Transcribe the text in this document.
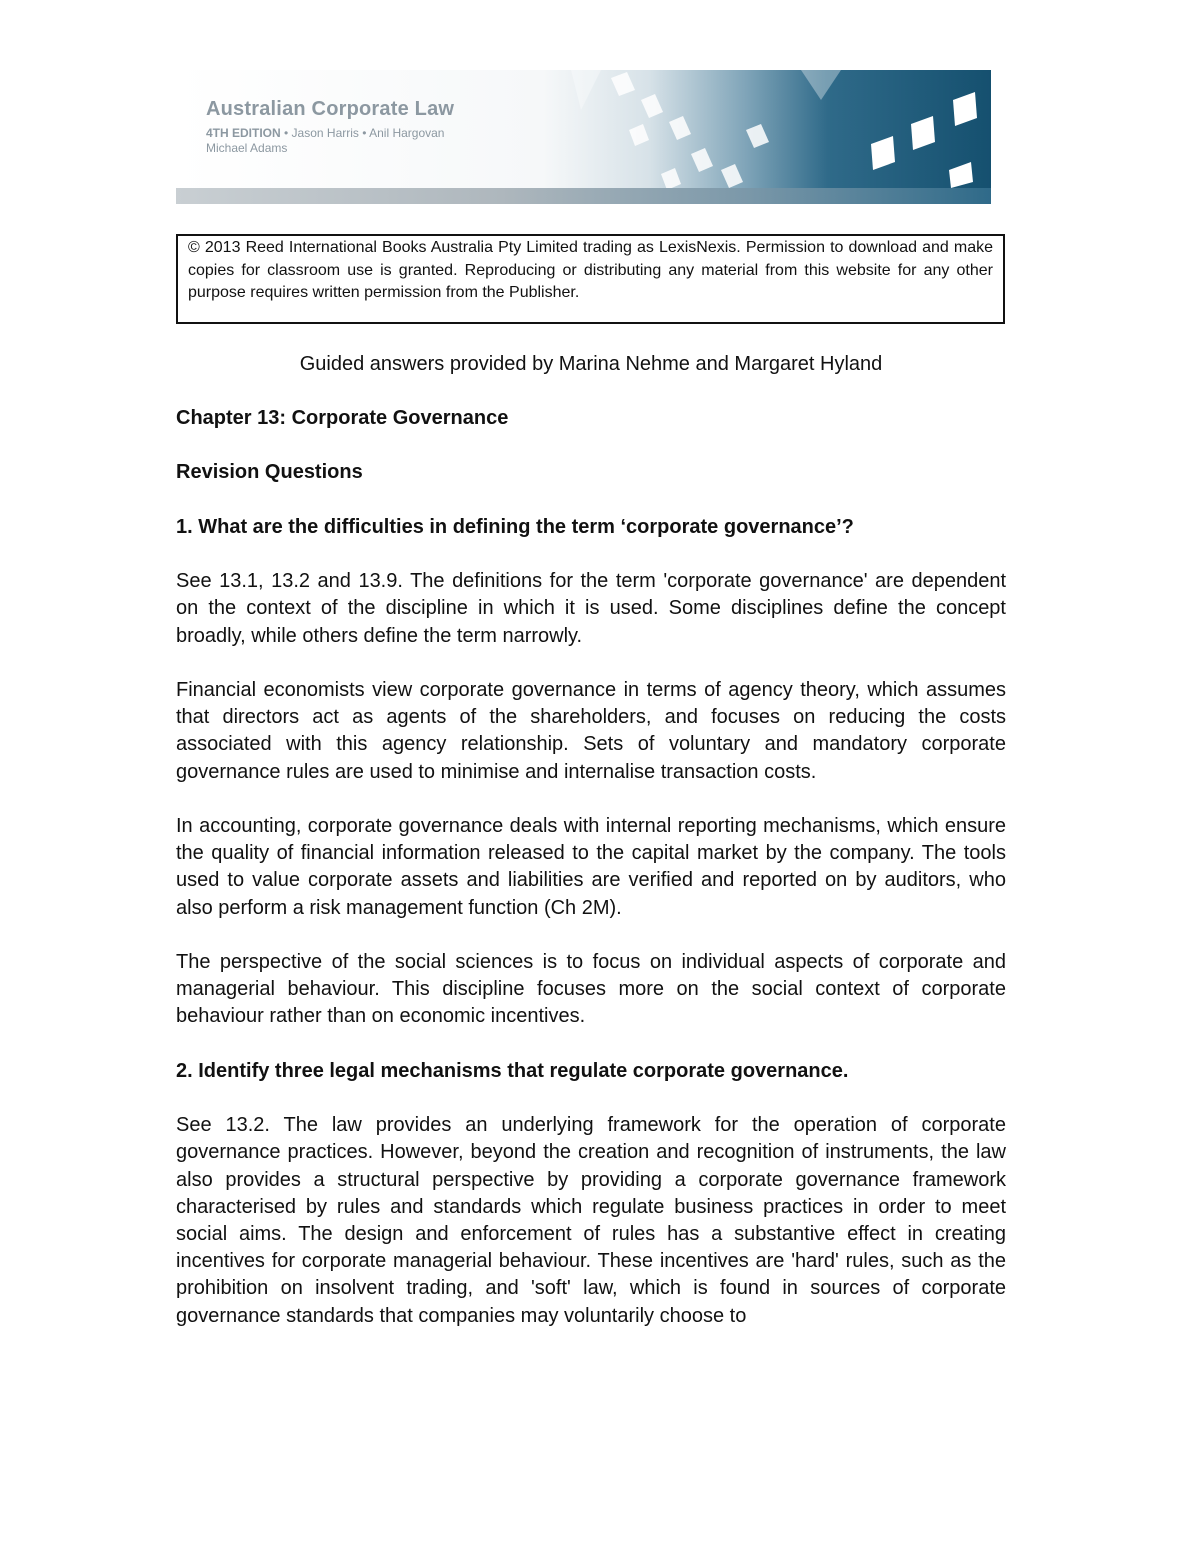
Australian Corporate Law
4TH EDITION • Jason Harris • Anil Hargovan
Michael Adams

© 2013 Reed International Books Australia Pty Limited trading as LexisNexis. Permission to download and make copies for classroom use is granted. Reproducing or distributing any material from this website for any other purpose requires written permission from the Publisher.

Guided answers provided by Marina Nehme and Margaret Hyland
Chapter 13: Corporate Governance
Revision Questions
1. What are the difficulties in defining the term ‘corporate governance’?

See 13.1, 13.2 and 13.9. The definitions for the term 'corporate governance' are dependent on the context of the discipline in which it is used. Some disciplines define the concept broadly, while others define the term narrowly.

Financial economists view corporate governance in terms of agency theory, which assumes that directors act as agents of the shareholders, and focuses on reducing the costs associated with this agency relationship. Sets of voluntary and mandatory corporate governance rules are used to minimise and internalise transaction costs.

In accounting, corporate governance deals with internal reporting mechanisms, which ensure the quality of financial information released to the capital market by the company. The tools used to value corporate assets and liabilities are verified and reported on by auditors, who also perform a risk management function (Ch 2M).

The perspective of the social sciences is to focus on individual aspects of corporate and managerial behaviour. This discipline focuses more on the social context of corporate behaviour rather than on economic incentives.

2. Identify three legal mechanisms that regulate corporate governance.

See 13.2. The law provides an underlying framework for the operation of corporate governance practices. However, beyond the creation and recognition of instruments, the law also provides a structural perspective by providing a corporate governance framework characterised by rules and standards which regulate business practices in order to meet social aims. The design and enforcement of rules has a substantive effect in creating incentives for corporate managerial behaviour. These incentives are 'hard' rules, such as the prohibition on insolvent trading, and 'soft' law, which is found in sources of corporate governance standards that companies may voluntarily choose to
